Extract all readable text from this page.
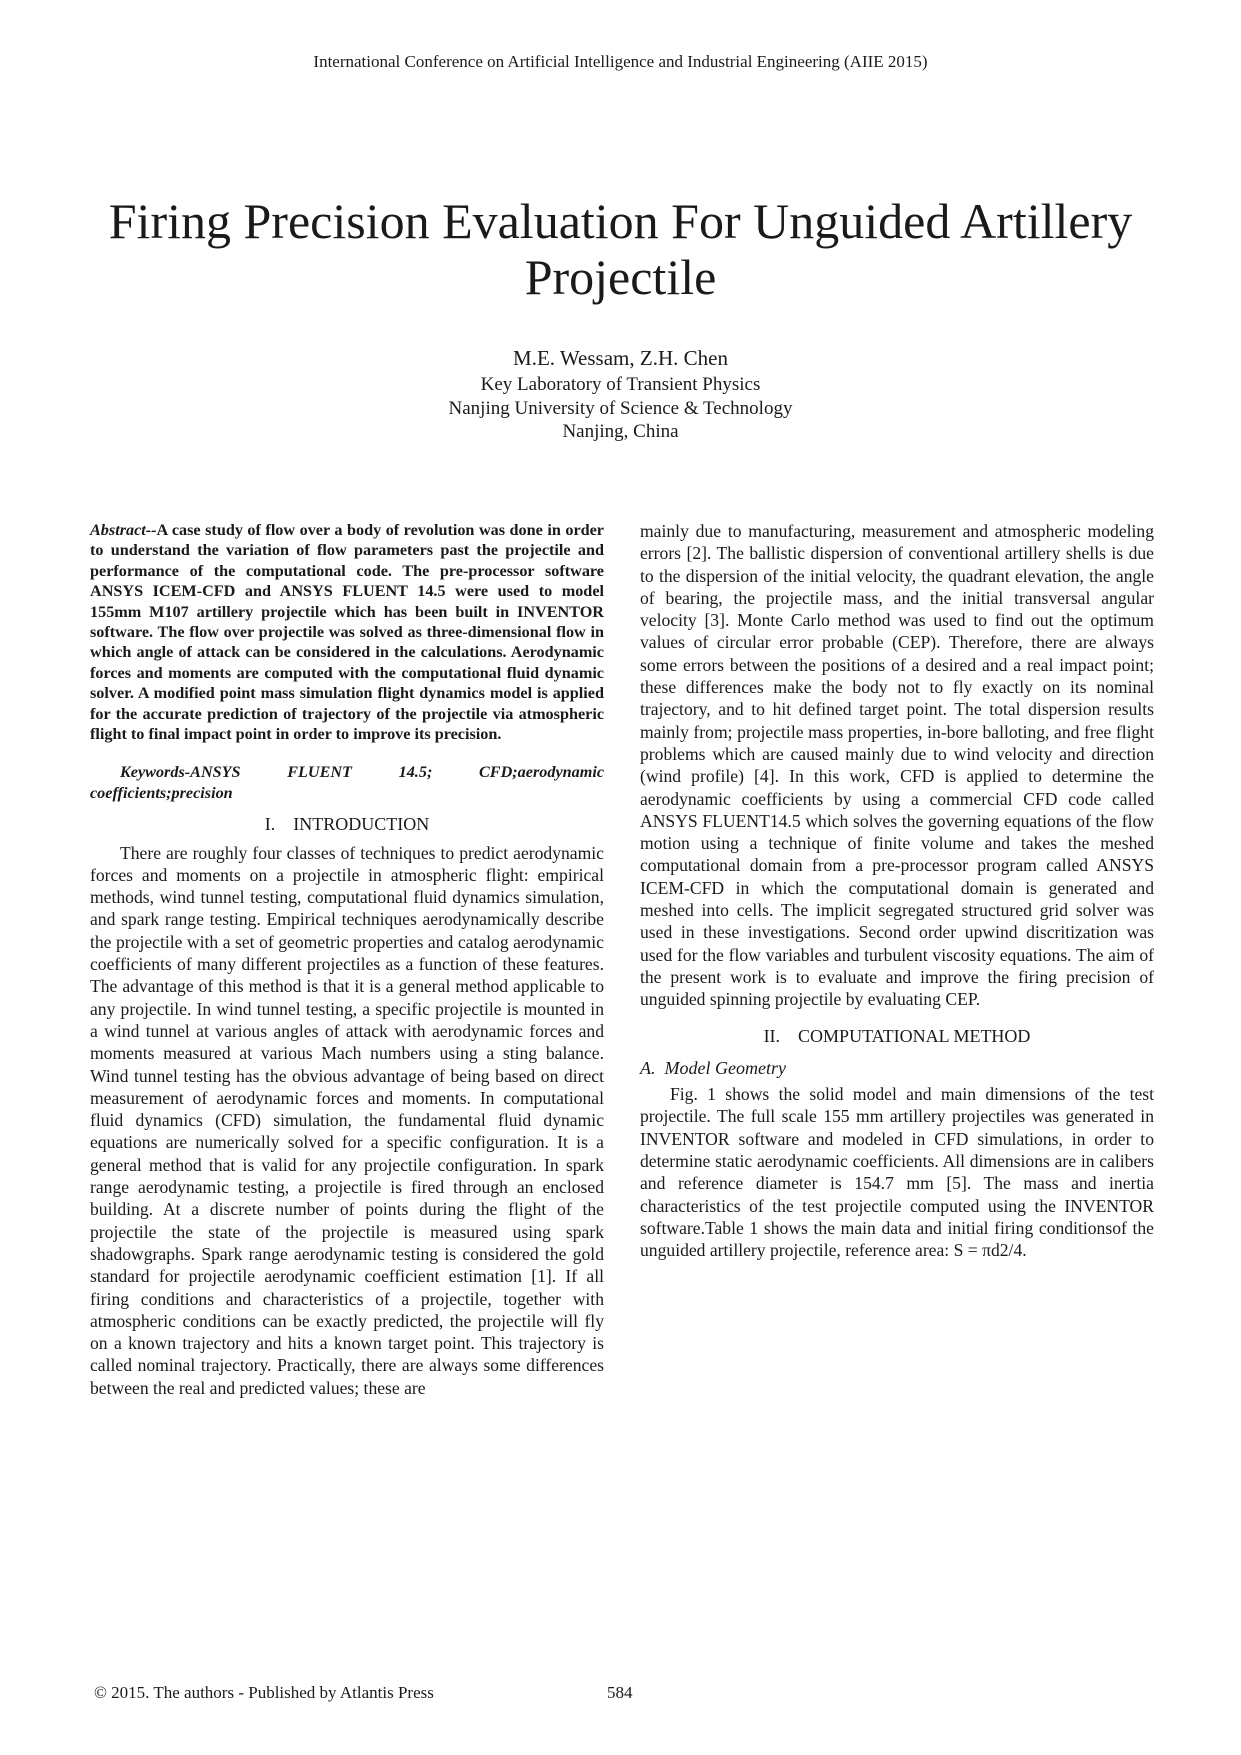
International Conference on Artificial Intelligence and Industrial Engineering (AIIE 2015)
Firing Precision Evaluation For Unguided Artillery Projectile
M.E. Wessam, Z.H. Chen
Key Laboratory of Transient Physics
Nanjing University of Science & Technology
Nanjing, China

Abstract--A case study of flow over a body of revolution was done in order to understand the variation of flow parameters past the projectile and performance of the computational code. The pre-processor software ANSYS ICEM-CFD and ANSYS FLUENT 14.5 were used to model 155mm M107 artillery projectile which has been built in INVENTOR software. The flow over projectile was solved as three-dimensional flow in which angle of attack can be considered in the calculations. Aerodynamic forces and moments are computed with the computational fluid dynamic solver. A modified point mass simulation flight dynamics model is applied for the accurate prediction of trajectory of the projectile via atmospheric flight to final impact point in order to improve its precision.

Keywords-ANSYS FLUENT 14.5; CFD;aerodynamic coefficients;precision

I.    INTRODUCTION

There are roughly four classes of techniques to predict aerodynamic forces and moments on a projectile in atmospheric flight: empirical methods, wind tunnel testing, computational fluid dynamics simulation, and spark range testing. Empirical techniques aerodynamically describe the projectile with a set of geometric properties and catalog aerodynamic coefficients of many different projectiles as a function of these features. The advantage of this method is that it is a general method applicable to any projectile. In wind tunnel testing, a specific projectile is mounted in a wind tunnel at various angles of attack with aerodynamic forces and moments measured at various Mach numbers using a sting balance. Wind tunnel testing has the obvious advantage of being based on direct measurement of aerodynamic forces and moments. In computational fluid dynamics (CFD) simulation, the fundamental fluid dynamic equations are numerically solved for a specific configuration. It is a general method that is valid for any projectile configuration. In spark range aerodynamic testing, a projectile is fired through an enclosed building. At a discrete number of points during the flight of the projectile the state of the projectile is measured using spark shadowgraphs. Spark range aerodynamic testing is considered the gold standard for projectile aerodynamic coefficient estimation [1]. If all firing conditions and characteristics of a projectile, together with atmospheric conditions can be exactly predicted, the projectile will fly on a known trajectory and hits a known target point. This trajectory is called nominal trajectory. Practically, there are always some differences between the real and predicted values; these are

mainly due to manufacturing, measurement and atmospheric modeling errors [2]. The ballistic dispersion of conventional artillery shells is due to the dispersion of the initial velocity, the quadrant elevation, the angle of bearing, the projectile mass, and the initial transversal angular velocity [3]. Monte Carlo method was used to find out the optimum values of circular error probable (CEP). Therefore, there are always some errors between the positions of a desired and a real impact point; these differences make the body not to fly exactly on its nominal trajectory, and to hit defined target point. The total dispersion results mainly from; projectile mass properties, in-bore balloting, and free flight problems which are caused mainly due to wind velocity and direction (wind profile) [4]. In this work, CFD is applied to determine the aerodynamic coefficients by using a commercial CFD code called ANSYS FLUENT14.5 which solves the governing equations of the flow motion using a technique of finite volume and takes the meshed computational domain from a pre-processor program called ANSYS ICEM-CFD in which the computational domain is generated and meshed into cells. The implicit segregated structured grid solver was used in these investigations. Second order upwind discritization was used for the flow variables and turbulent viscosity equations. The aim of the present work is to evaluate and improve the firing precision of unguided spinning projectile by evaluating CEP.

II.    COMPUTATIONAL METHOD
A.  Model Geometry

Fig. 1 shows the solid model and main dimensions of the test projectile. The full scale 155 mm artillery projectiles was generated in INVENTOR software and modeled in CFD simulations, in order to determine static aerodynamic coefficients. All dimensions are in calibers and reference diameter is 154.7 mm [5]. The mass and inertia characteristics of the test projectile computed using the INVENTOR software.Table 1 shows the main data and initial firing conditionsof the unguided artillery projectile, reference area: S = πd2/4.

© 2015. The authors - Published by Atlantis Press	584
